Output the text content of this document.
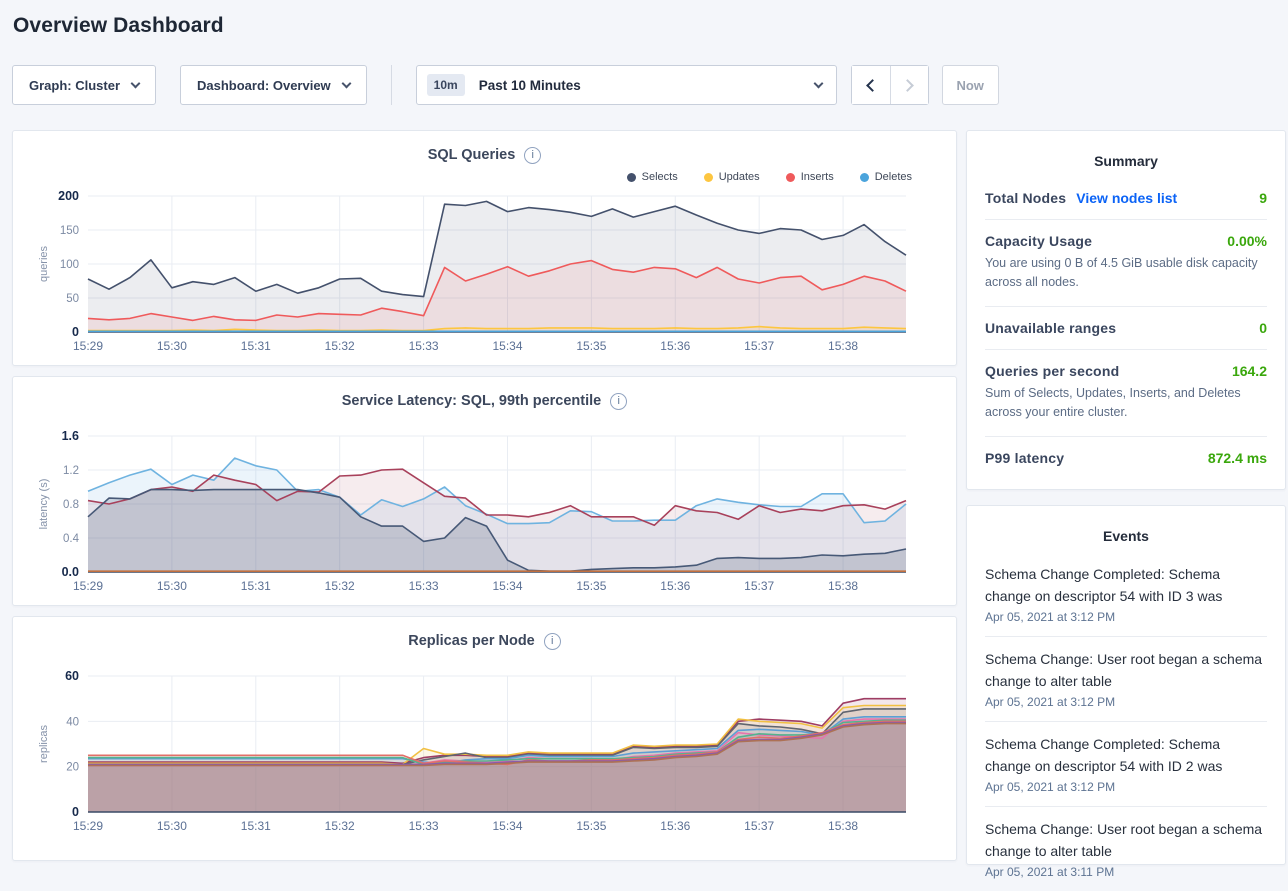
Overview Dashboard
Graph: Cluster	Dashboard: Overview	10m	Past 10 Minutes	Now
SQL Queries
i
Selects	Updates	Inserts	Deletes
0
50
100
150
200
15:29	15:30	15:31	15:32	15:33	15:34	15:35	15:36	15:37	15:38
queries
Service Latency: SQL, 99th percentile
i
0.0
0.4
0.8
1.2
1.6
15:29	15:30	15:31	15:32	15:33	15:34	15:35	15:36	15:37	15:38
latency (s)
Replicas per Node
i
0
20
40
60
15:29	15:30	15:31	15:32	15:33	15:34	15:35	15:36	15:37	15:38
replicas
Summary
Total Nodes View nodes list	9
Capacity Usage	0.00%
You are using 0 B of 4.5 GiB usable disk capacity across all nodes.
Unavailable ranges	0
Queries per second	164.2
Sum of Selects, Updates, Inserts, and Deletes across your entire cluster.
P99 latency	872.4 ms
Events
Schema Change Completed: Schema change on descriptor 54 with ID 3 was
Apr 05, 2021 at 3:12 PM
Schema Change: User root began a schema change to alter table
Apr 05, 2021 at 3:12 PM
Schema Change Completed: Schema change on descriptor 54 with ID 2 was
Apr 05, 2021 at 3:12 PM
Schema Change: User root began a schema change to alter table
Apr 05, 2021 at 3:11 PM
